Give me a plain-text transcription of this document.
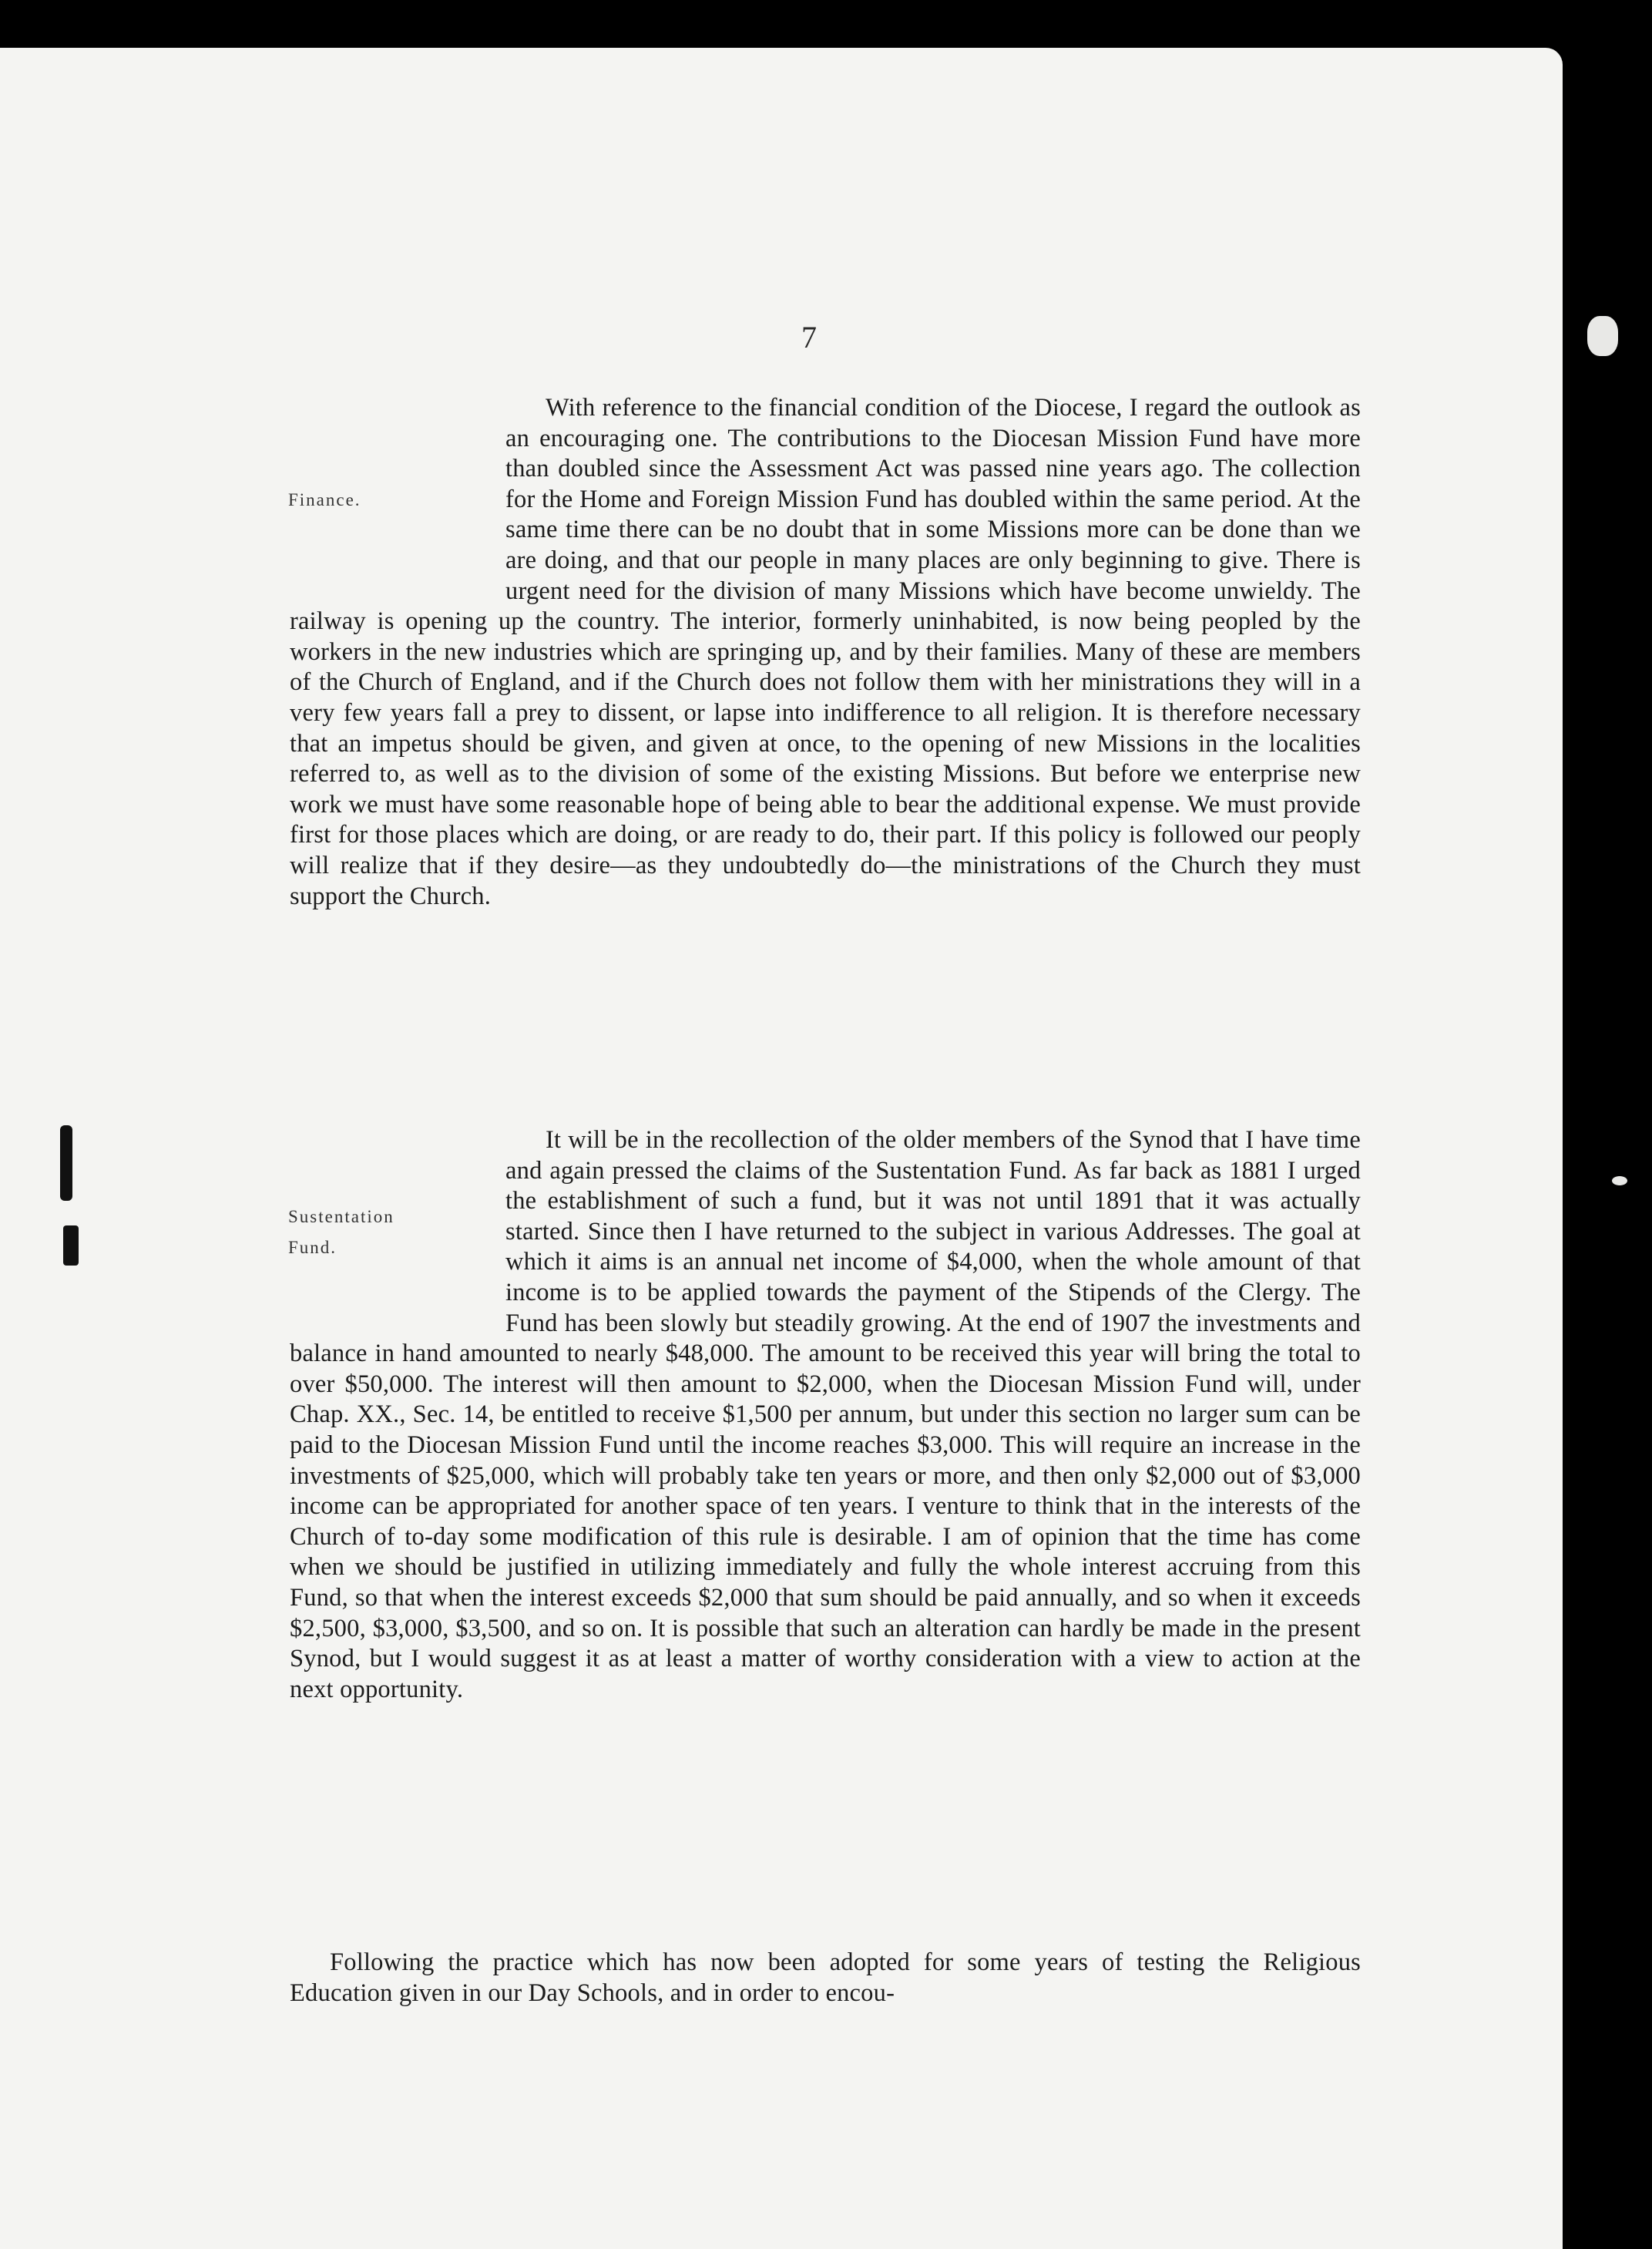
7

Finance.
With reference to the financial condition of the Diocese, I regard the outlook as an encouraging one. The contributions to the Diocesan Mission Fund have more than doubled since the Assessment Act was passed nine years ago. The collection for the Home and Foreign Mission Fund has doubled within the same period. At the same time there can be no doubt that in some Missions more can be done than we are doing, and that our people in many places are only beginning to give. There is urgent need for the division of many Missions which have become unwieldy. The railway is opening up the country. The interior, formerly uninhabited, is now being peopled by the workers in the new industries which are springing up, and by their families. Many of these are members of the Church of England, and if the Church does not follow them with her ministrations they will in a very few years fall a prey to dissent, or lapse into indifference to all religion. It is therefore necessary that an impetus should be given, and given at once, to the opening of new Missions in the localities referred to, as well as to the division of some of the existing Missions. But before we enterprise new work we must have some reasonable hope of being able to bear the additional expense. We must provide first for those places which are doing, or are ready to do, their part. If this policy is followed our peoply will realize that if they desire—as they undoubtedly do—the ministrations of the Church they must support the Church.

Sustentation
Fund.
It will be in the recollection of the older members of the Synod that I have time and again pressed the claims of the Sustentation Fund. As far back as 1881 I urged the establishment of such a fund, but it was not until 1891 that it was actually started. Since then I have returned to the subject in various Addresses. The goal at which it aims is an annual net income of $4,000, when the whole amount of that income is to be applied towards the payment of the Stipends of the Clergy. The Fund has been slowly but steadily growing. At the end of 1907 the investments and balance in hand amounted to nearly $48,000. The amount to be received this year will bring the total to over $50,000. The interest will then amount to $2,000, when the Diocesan Mission Fund will, under Chap. XX., Sec. 14, be entitled to receive $1,500 per annum, but under this section no larger sum can be paid to the Diocesan Mission Fund until the income reaches $3,000. This will require an increase in the investments of $25,000, which will probably take ten years or more, and then only $2,000 out of $3,000 income can be appropriated for another space of ten years. I venture to think that in the interests of the Church of to-day some modification of this rule is desirable. I am of opinion that the time has come when we should be justified in utilizing immediately and fully the whole interest accruing from this Fund, so that when the interest exceeds $2,000 that sum should be paid annually, and so when it exceeds $2,500, $3,000, $3,500, and so on. It is possible that such an alteration can hardly be made in the present Synod, but I would suggest it as at least a matter of worthy consideration with a view to action at the next opportunity.

Following the practice which has now been adopted for some years of testing the Religious Education given in our Day Schools, and in order to encou-
